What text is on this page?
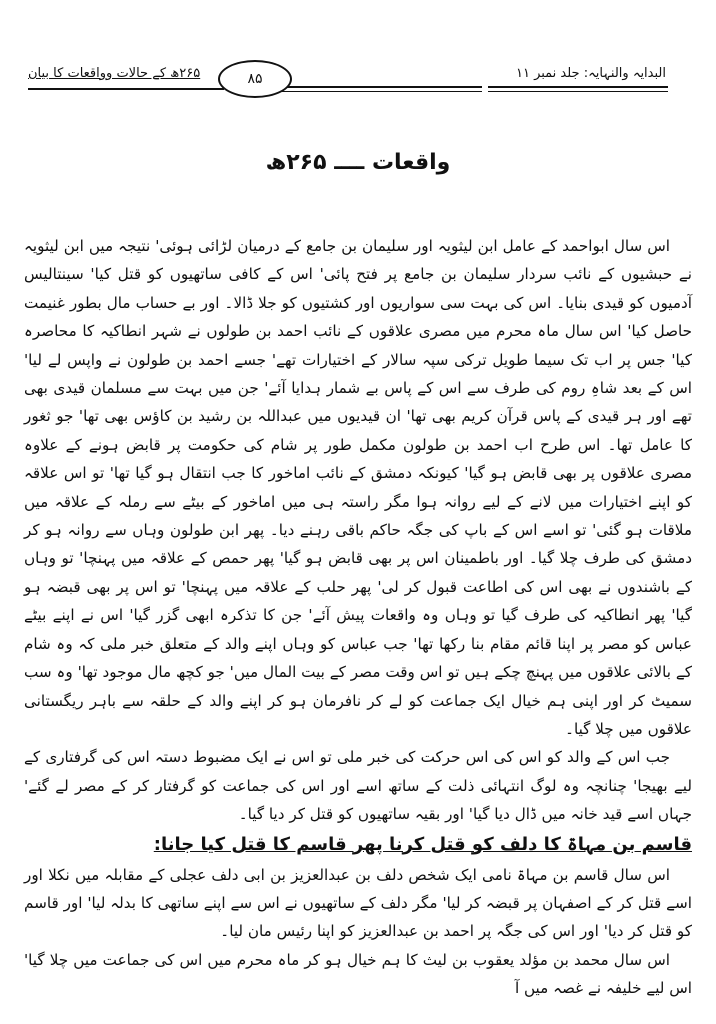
البدایہ والنہایہ: جلد نمبر ۱۱
۸۵
۲۶۵ھ کے حالات وواقعات کا بیان
واقعات ــــ ۲۶۵ھ

اس سال ابواحمد کے عامل ابن لیثویہ اور سلیمان بن جامع کے درمیان لڑائی ہوئی' نتیجہ میں ابن لیثویہ نے حبشیوں کے نائب سردار سلیمان بن جامع پر فتح پائی' اس کے کافی ساتھیوں کو قتل کیا' سینتالیس آدمیوں کو قیدی بنایا۔ اس کی بہت سی سواریوں اور کشتیوں کو جلا ڈالا۔ اور بے حساب مال بطور غنیمت حاصل کیا' اس سال ماہ محرم میں مصری علاقوں کے نائب احمد بن طولوں نے شہر انطاکیہ کا محاصرہ کیا' جس پر اب تک سیما طویل ترکی سپہ سالار کے اختیارات تھے' جسے احمد بن طولون نے واپس لے لیا' اس کے بعد شاہِ روم کی طرف سے اس کے پاس بے شمار ہدایا آئے' جن میں بہت سے مسلمان قیدی بھی تھے اور ہر قیدی کے پاس قرآن کریم بھی تھا' ان قیدیوں میں عبداللہ بن رشید بن کاؤس بھی تھا' جو ثغور کا عامل تھا۔ اس طرح اب احمد بن طولون مکمل طور پر شام کی حکومت پر قابض ہونے کے علاوہ مصری علاقوں پر بھی قابض ہو گیا' کیونکہ دمشق کے نائب اماخور کا جب انتقال ہو گیا تھا' تو اس علاقہ کو اپنے اختیارات میں لانے کے لیے روانہ ہوا مگر راستہ ہی میں اماخور کے بیٹے سے رملہ کے علاقہ میں ملاقات ہو گئی' تو اسے اس کے باپ کی جگہ حاکم باقی رہنے دیا۔ پھر ابن طولون وہاں سے روانہ ہو کر دمشق کی طرف چلا گیا۔ اور باطمینان اس پر بھی قابض ہو گیا' پھر حمص کے علاقہ میں پہنچا' تو وہاں کے باشندوں نے بھی اس کی اطاعت قبول کر لی' پھر حلب کے علاقہ میں پہنچا' تو اس پر بھی قبضہ ہو گیا' پھر انطاکیہ کی طرف گیا تو وہاں وہ واقعات پیش آئے' جن کا تذکرہ ابھی گزر گیا' اس نے اپنے بیٹے عباس کو مصر پر اپنا قائم مقام بنا رکھا تھا' جب عباس کو وہاں اپنے والد کے متعلق خبر ملی کہ وہ شام کے بالائی علاقوں میں پہنچ چکے ہیں تو اس وقت مصر کے بیت المال میں' جو کچھ مال موجود تھا' وہ سب سمیٹ کر اور اپنی ہم خیال ایک جماعت کو لے کر نافرمان ہو کر اپنے والد کے حلقہ سے باہر ریگستانی علاقوں میں چلا گیا۔

جب اس کے والد کو اس کی اس حرکت کی خبر ملی تو اس نے ایک مضبوط دستہ اس کی گرفتاری کے لیے بھیجا' چنانچہ وہ لوگ انتہائی ذلت کے ساتھ اسے اور اس کی جماعت کو گرفتار کر کے مصر لے گئے' جہاں اسے قید خانہ میں ڈال دیا گیا' اور بقیہ ساتھیوں کو قتل کر دیا گیا۔

قاسم بن مہاۃ کا دلف کو قتل کرنا پھر قاسم کا قتل کیا جانا:

اس سال قاسم بن مہاۃ نامی ایک شخص دلف بن عبدالعزیز بن ابی دلف عجلی کے مقابلہ میں نکلا اور اسے قتل کر کے اصفہان پر قبضہ کر لیا' مگر دلف کے ساتھیوں نے اس سے اپنے ساتھی کا بدلہ لیا' اور قاسم کو قتل کر دیا' اور اس کی جگہ پر احمد بن عبدالعزیز کو اپنا رئیس مان لیا۔

اس سال محمد بن مؤلد یعقوب بن لیث کا ہم خیال ہو کر ماہ محرم میں اس کی جماعت میں چلا گیا' اس لیے خلیفہ نے غصہ میں آ
